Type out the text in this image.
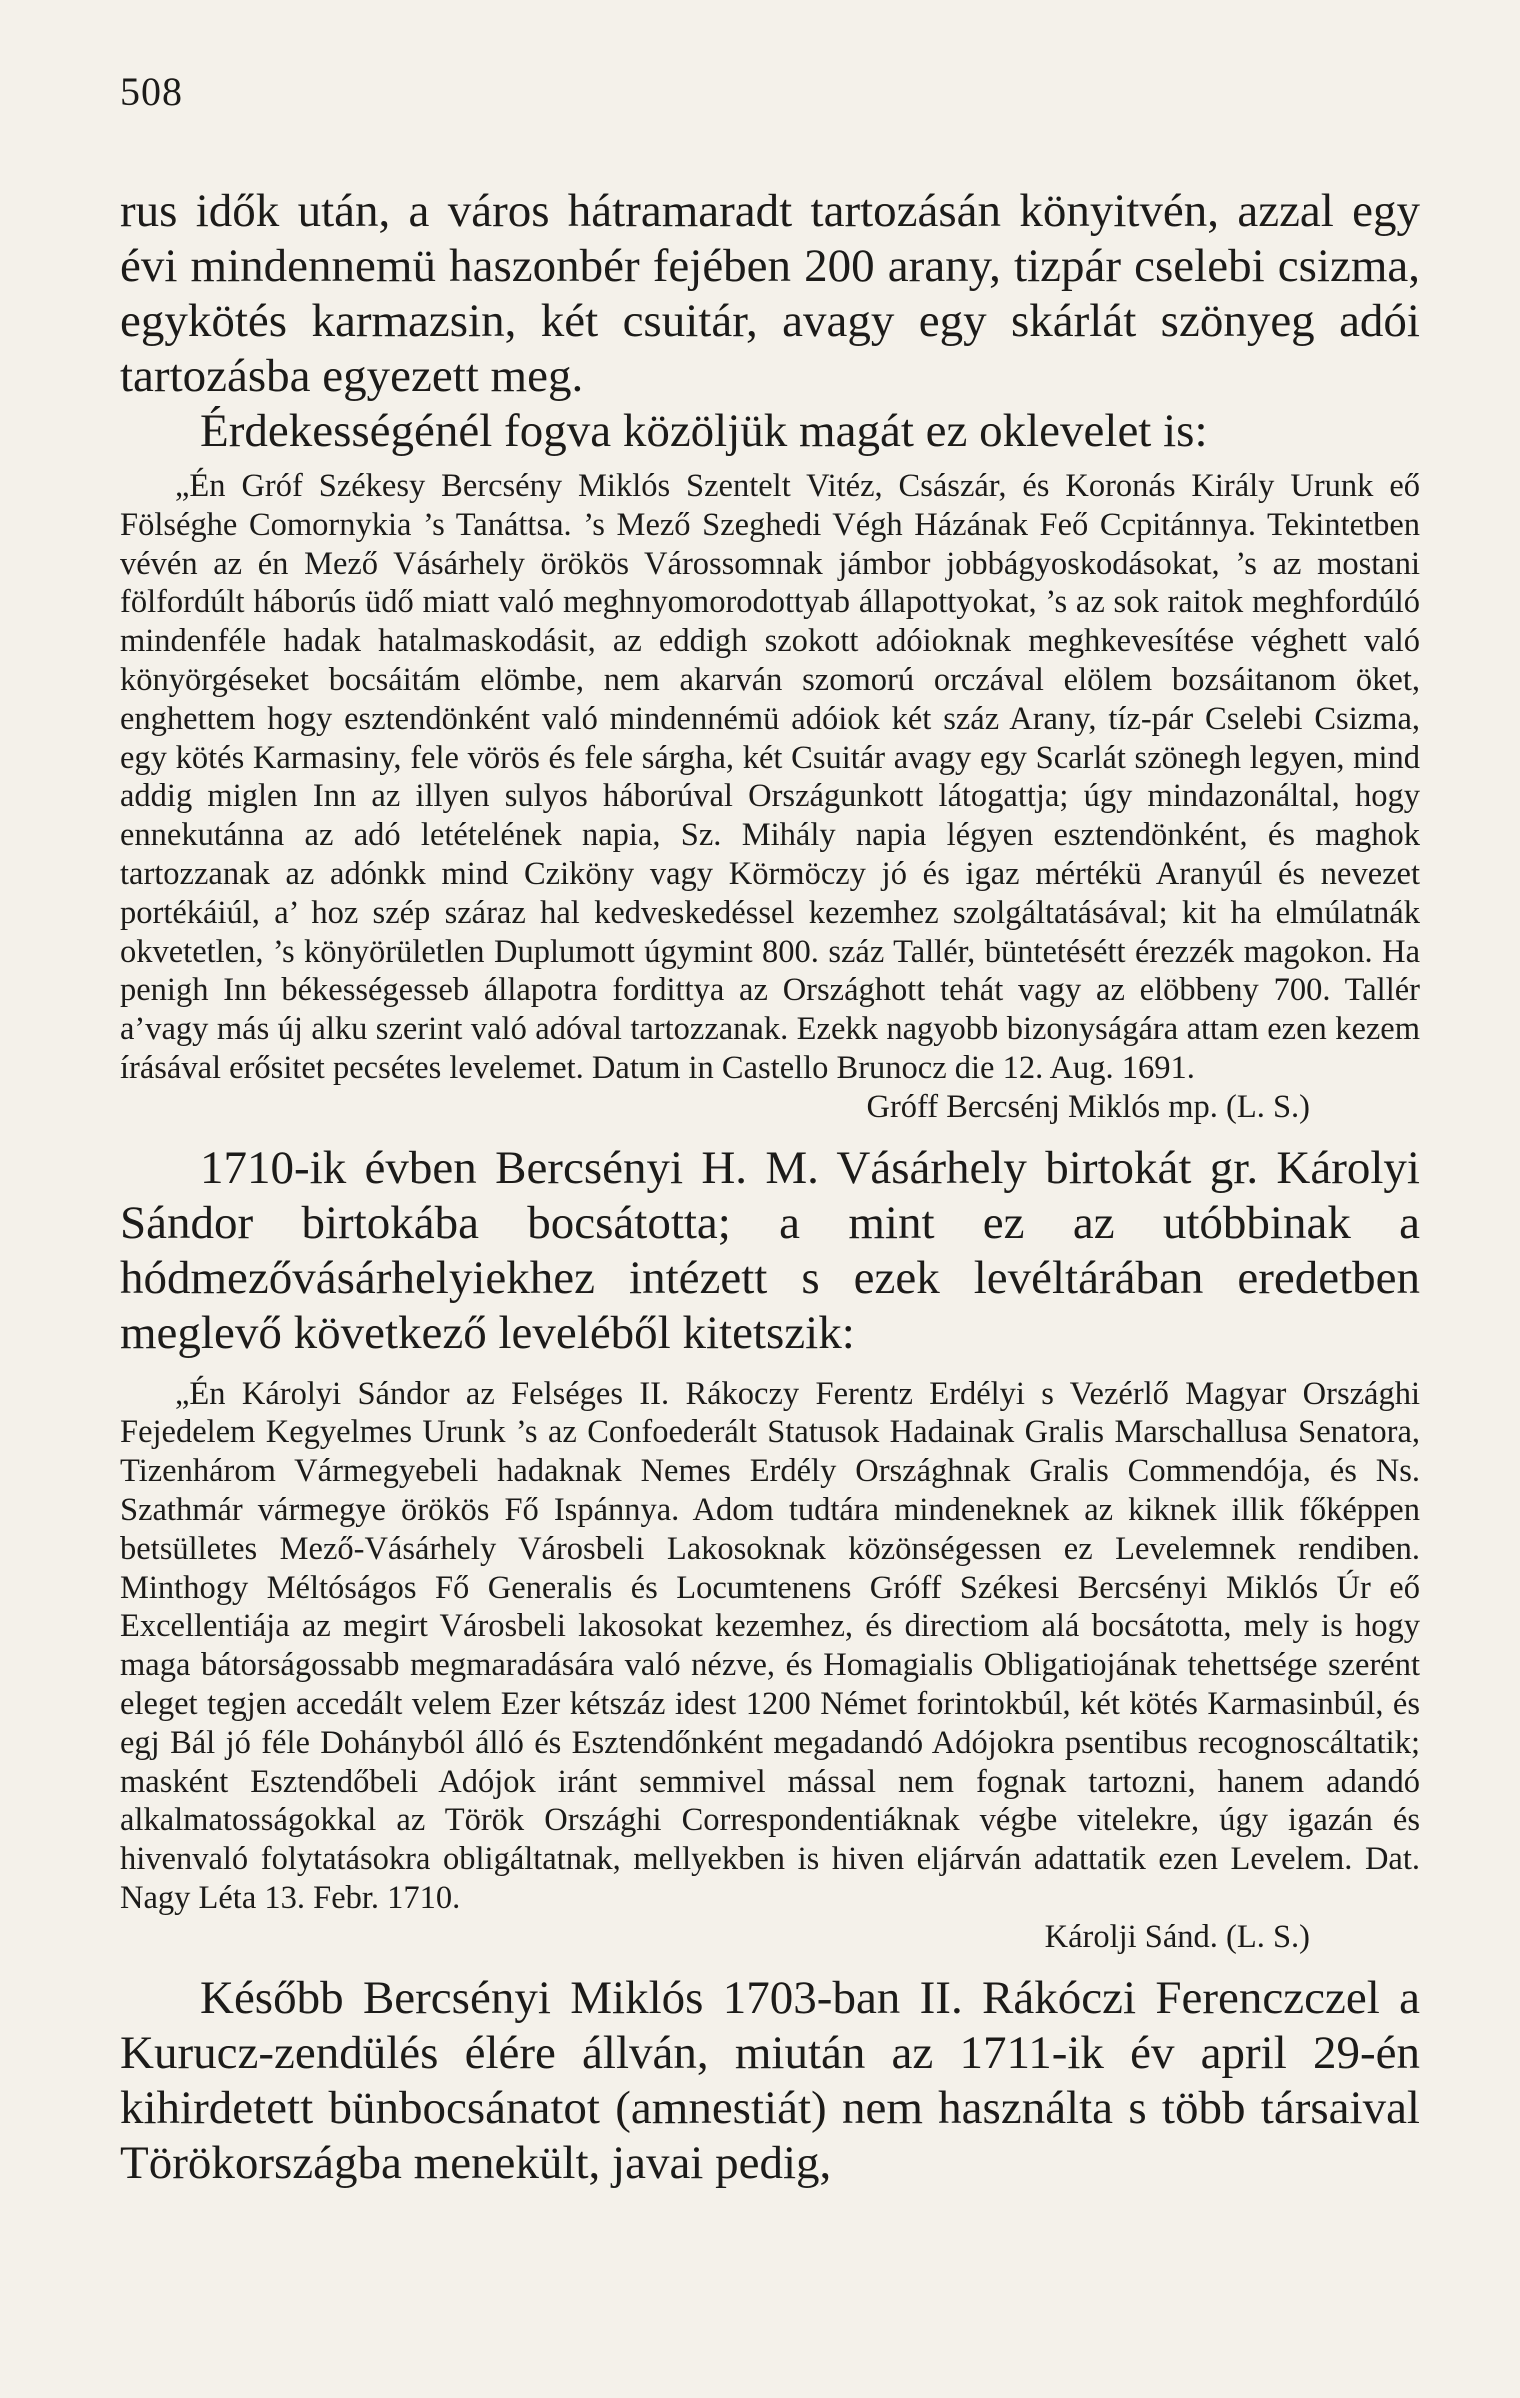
508

rus idők után, a város hátramaradt tartozásán könyitvén, azzal egy évi mindennemü haszonbér fejében 200 arany, tizpár cselebi csizma, egykötés karmazsin, két csuitár, avagy egy skárlát szönyeg adói tartozásba egyezett meg.

Érdekességénél fogva közöljük magát ez oklevelet is:

„Én Gróf Székesy Bercsény Miklós Szentelt Vitéz, Császár, és Koronás Király Urunk eő Fölséghe Comornykia ’s Tanáttsa. ’s Mező Szeghedi Végh Házának Feő Ccpitánnya. Tekintetben vévén az én Mező Vásárhely örökös Várossomnak jámbor jobbágyoskodásokat, ’s az mostani fölfordúlt háborús üdő miatt való meghnyomorodottyab állapottyokat, ’s az sok raitok meghfordúló mindenféle hadak hatalmaskodásit, az eddigh szokott adóioknak meghkevesítése véghett való könyörgéseket bocsáitám elömbe, nem akarván szomorú orczával elölem bozsáitanom öket, enghettem hogy esztendönként való mindennémü adóiok két száz Arany, tíz-pár Cselebi Csizma, egy kötés Karmasiny, fele vörös és fele sárgha, két Csuitár avagy egy Scarlát szönegh legyen, mind addig miglen Inn az illyen sulyos háborúval Országunkott látogattja; úgy mindazonáltal, hogy ennekutánna az adó letételének napia, Sz. Mihály napia légyen esztendönként, és maghok tartozzanak az adónkk mind Cziköny vagy Körmöczy jó és igaz mértékü Aranyúl és nevezet portékáiúl, a’ hoz szép száraz hal kedveskedéssel kezemhez szolgáltatásával; kit ha elmúlatnák okvetetlen, ’s könyörületlen Duplumott úgymint 800. száz Tallér, büntetésétt érezzék magokon. Ha penigh Inn békességesseb állapotra fordittya az Országhott tehát vagy az elöbbeny 700. Tallér a’vagy más új alku szerint való adóval tartozzanak. Ezekk nagyobb bizonyságára attam ezen kezem írásával erősitet pecsétes levelemet. Datum in Castello Brunocz die 12. Aug. 1691.

Gróff Bercsénj Miklós mp. (L. S.)

1710-ik évben Bercsényi H. M. Vásárhely birtokát gr. Károlyi Sándor birtokába bocsátotta; a mint ez az utóbbinak a hódmezővásárhelyiekhez intézett s ezek levéltárában eredetben meglevő következő leveléből kitetszik:

„Én Károlyi Sándor az Felséges II. Rákoczy Ferentz Erdélyi s Vezérlő Magyar Országhi Fejedelem Kegyelmes Urunk ’s az Confoederált Statusok Hadainak Gralis Marschallusa Senatora, Tizenhárom Vármegyebeli hadaknak Nemes Erdély Országhnak Gralis Commendója, és Ns. Szathmár vármegye örökös Fő Ispánnya. Adom tudtára mindeneknek az kiknek illik főképpen betsülletes Mező-Vásárhely Városbeli Lakosoknak közönségessen ez Levelemnek rendiben. Minthogy Méltóságos Fő Generalis és Locumtenens Gróff Székesi Bercsényi Miklós Úr eő Excellentiája az megirt Városbeli lakosokat kezemhez, és directiom alá bocsátotta, mely is hogy maga bátorságossabb megmaradására való nézve, és Homagialis Obligatiojának tehettsége szerént eleget tegjen accedált velem Ezer kétszáz idest 1200 Német forintokbúl, két kötés Karmasinbúl, és egj Bál jó féle Dohányból álló és Esztendőnként megadandó Adójokra psentibus recognoscáltatik; masként Esztendőbeli Adójok iránt semmivel mással nem fognak tartozni, hanem adandó alkalmatosságokkal az Török Országhi Correspondentiáknak végbe vitelekre, úgy igazán és hivenvaló folytatásokra obligáltatnak, mellyekben is hiven eljárván adattatik ezen Levelem. Dat. Nagy Léta 13. Febr. 1710.

Károlji Sánd. (L. S.)

Később Bercsényi Miklós 1703-ban II. Rákóczi Ferenczczel a Kurucz-zendülés élére állván, miután az 1711-ik év april 29-én kihirdetett bünbocsánatot (amnestiát) nem használta s több társaival Törökországba menekült, javai pedig,
